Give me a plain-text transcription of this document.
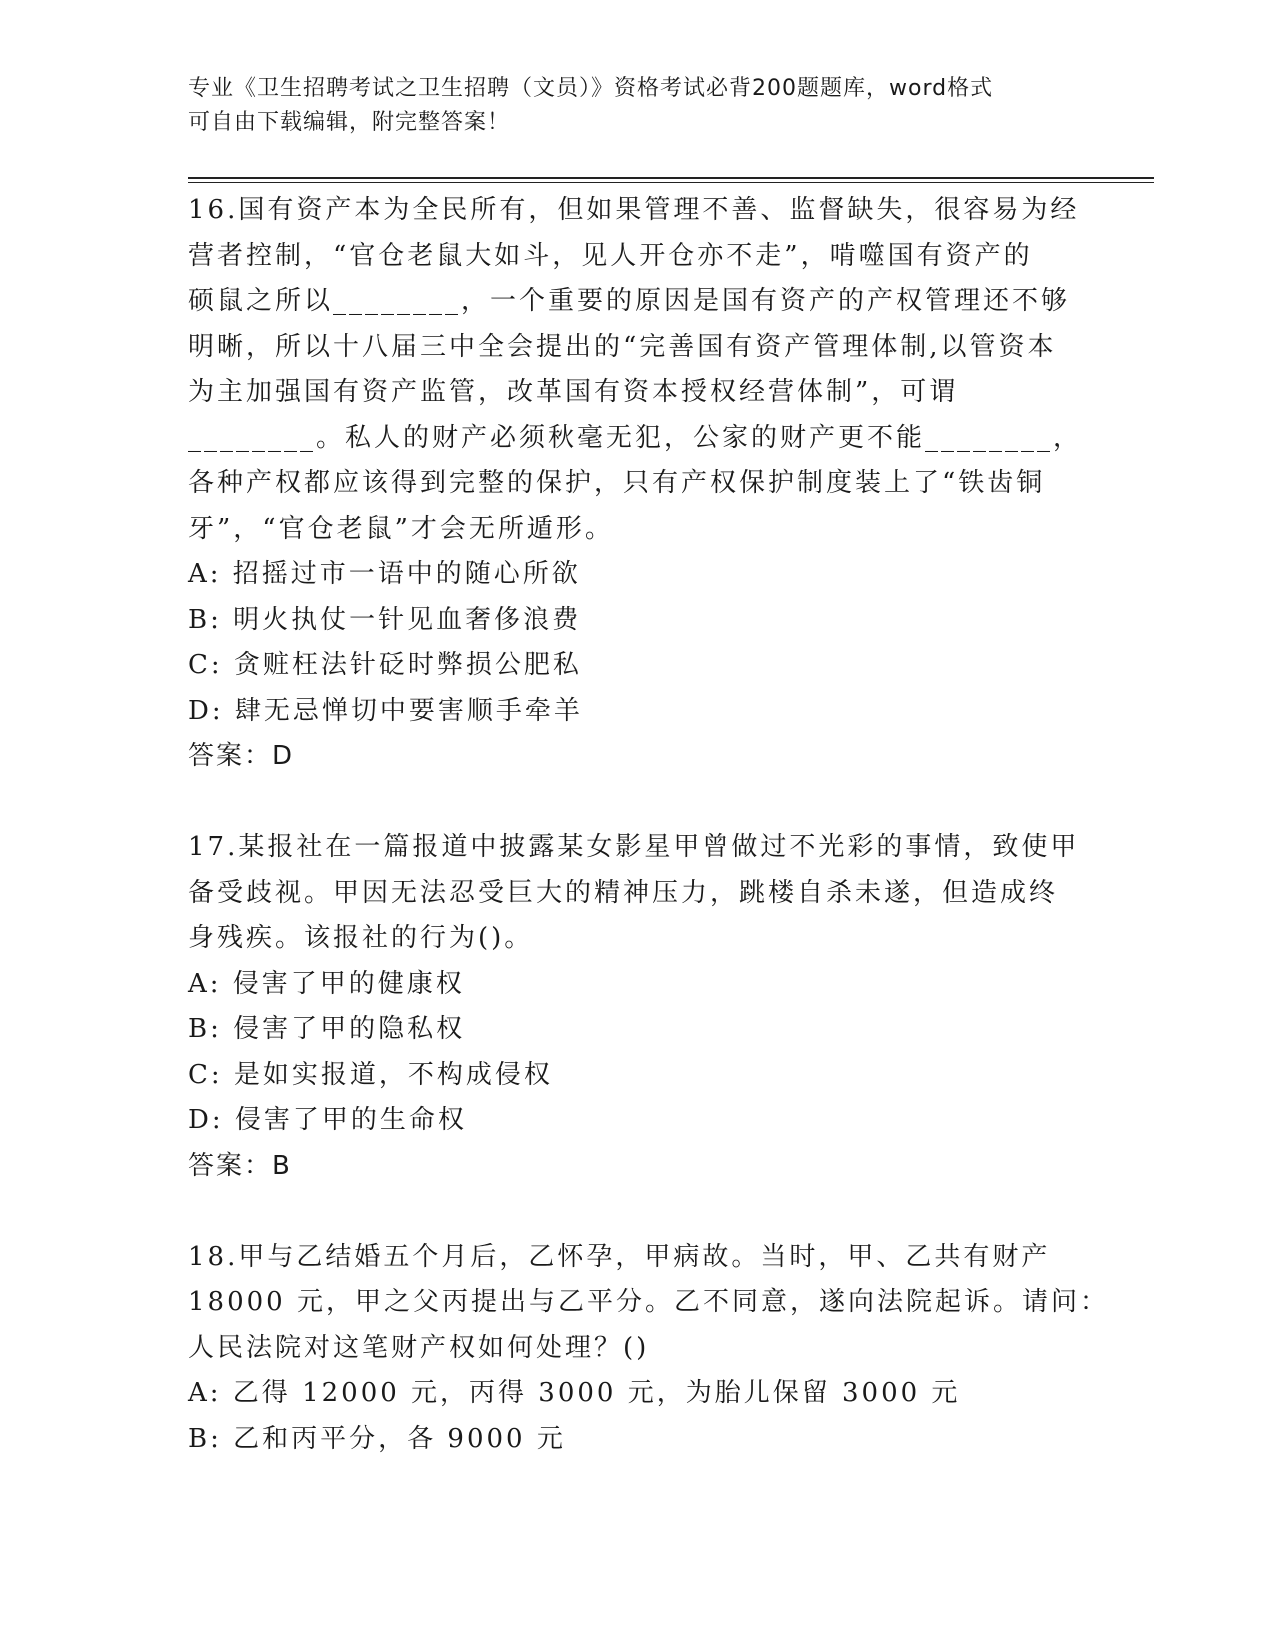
专业《卫生招聘考试之卫生招聘（文员）》资格考试必背200题题库，word格式
可自由下载编辑，附完整答案！
16.国有资产本为全民所有，但如果管理不善、监督缺失，很容易为经
营者控制，“官仓老鼠大如斗，见人开仓亦不走”，啃噬国有资产的
硕鼠之所以________，一个重要的原因是国有资产的产权管理还不够
明晰，所以十八届三中全会提出的“完善国有资产管理体制,以管资本
为主加强国有资产监管，改革国有资本授权经营体制”，可谓
________。私人的财产必须秋毫无犯，公家的财产更不能________，
各种产权都应该得到完整的保护，只有产权保护制度装上了“铁齿铜
牙”，“官仓老鼠”才会无所遁形。
A: 招摇过市一语中的随心所欲
B: 明火执仗一针见血奢侈浪费
C: 贪赃枉法针砭时弊损公肥私
D: 肆无忌惮切中要害顺手牵羊
答案：D
17.某报社在一篇报道中披露某女影星甲曾做过不光彩的事情，致使甲
备受歧视。甲因无法忍受巨大的精神压力，跳楼自杀未遂，但造成终
身残疾。该报社的行为()。
A: 侵害了甲的健康权
B: 侵害了甲的隐私权
C: 是如实报道，不构成侵权
D: 侵害了甲的生命权
答案：B
18.甲与乙结婚五个月后，乙怀孕，甲病故。当时，甲、乙共有财产
18000 元，甲之父丙提出与乙平分。乙不同意，遂向法院起诉。请问：
人民法院对这笔财产权如何处理？()
A: 乙得 12000 元，丙得 3000 元，为胎儿保留 3000 元
B: 乙和丙平分，各 9000 元
